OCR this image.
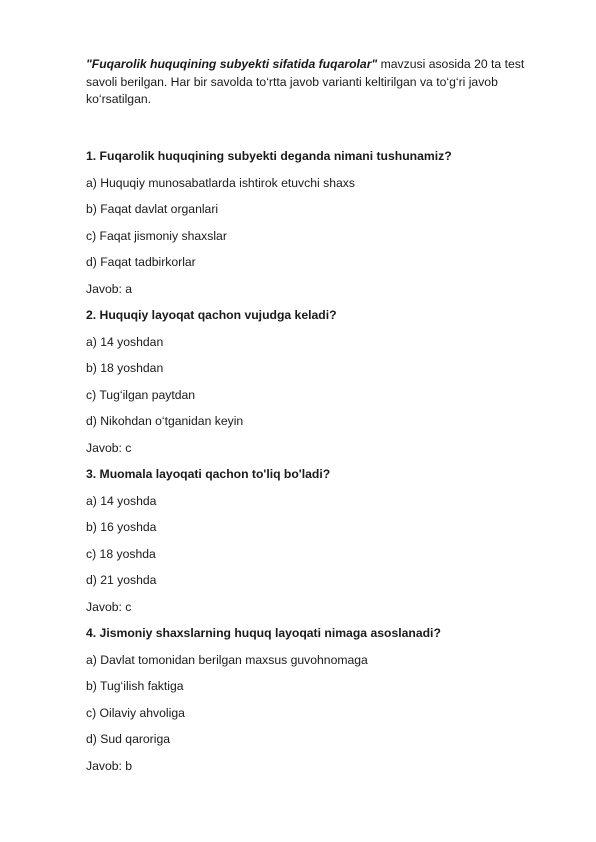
"Fuqarolik huquqining subyekti sifatida fuqarolar" mavzusi asosida 20 ta test savoli berilgan. Har bir savolda to‘rtta javob varianti keltirilgan va to‘g‘ri javob ko‘rsatilgan.
1. Fuqarolik huquqining subyekti deganda nimani tushunamiz?
a) Huquqiy munosabatlarda ishtirok etuvchi shaxs
b) Faqat davlat organlari
c) Faqat jismoniy shaxslar
d) Faqat tadbirkorlar
Javob: a
2. Huquqiy layoqat qachon vujudga keladi?
a) 14 yoshdan
b) 18 yoshdan
c) Tug‘ilgan paytdan
d) Nikohdan o‘tganidan keyin
Javob: c
3. Muomala layoqati qachon to'liq bo'ladi?
a) 14 yoshda
b) 16 yoshda
c) 18 yoshda
d) 21 yoshda
Javob: c
4. Jismoniy shaxslarning huquq layoqati nimaga asoslanadi?
a) Davlat tomonidan berilgan maxsus guvohnomaga
b) Tug‘ilish faktiga
c) Oilaviy ahvoliga
d) Sud qaroriga
Javob: b
